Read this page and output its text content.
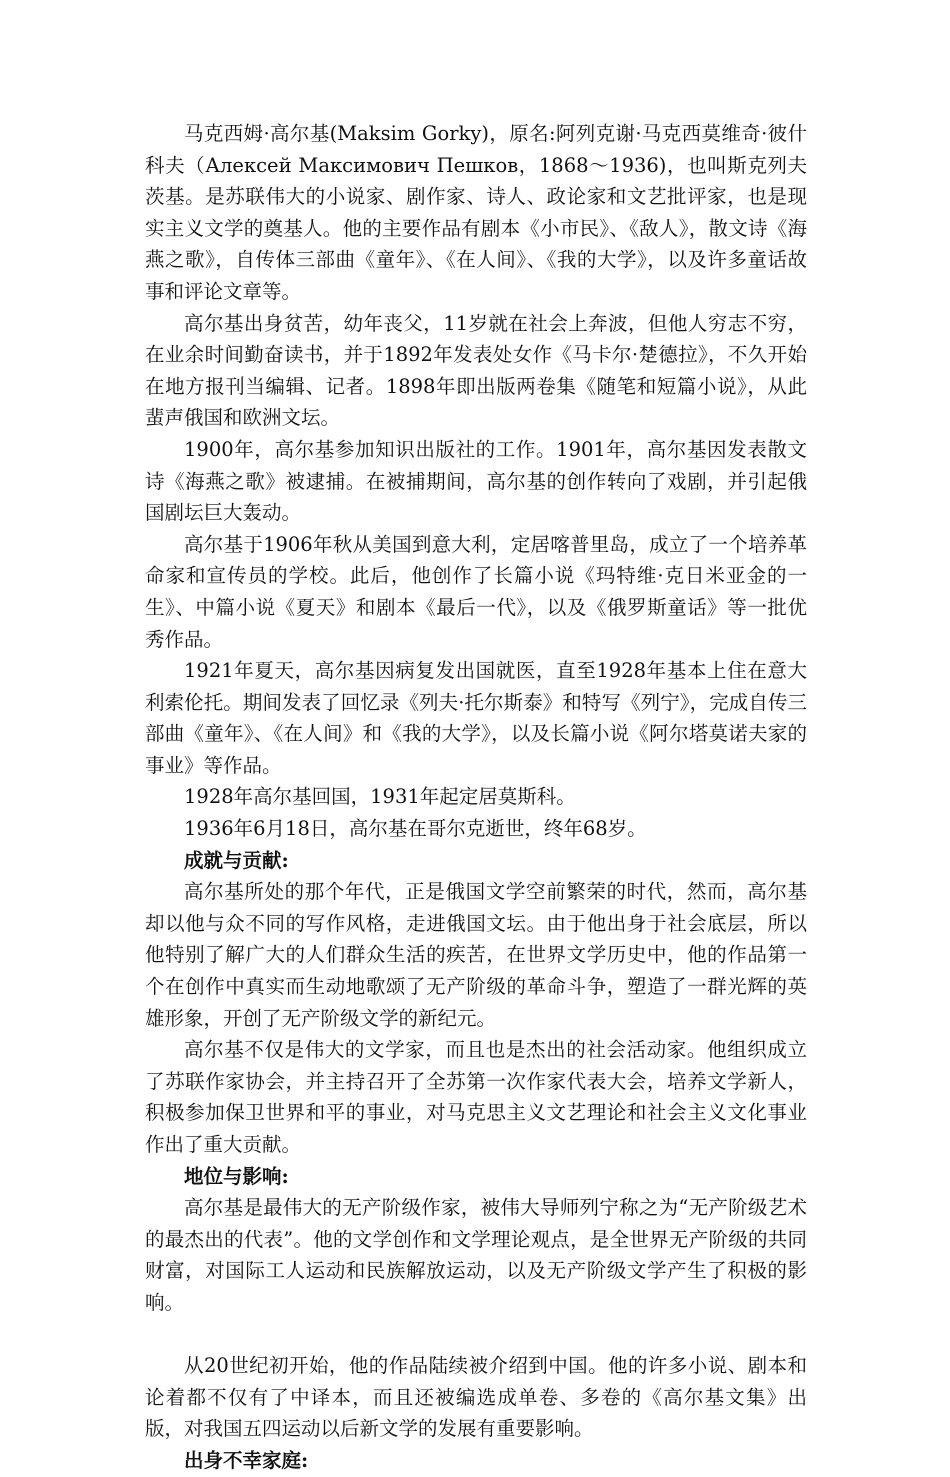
马克西姆·高尔基(Maksim Gorky)，原名:阿列克谢·马克西莫维奇·彼什科夫（Алексей Максимович Пешков，1868～1936)，也叫斯克列夫茨基。是苏联伟大的小说家、剧作家、诗人、政论家和文艺批评家，也是现实主义文学的奠基人。他的主要作品有剧本《小市民》、《敌人》，散文诗《海燕之歌》，自传体三部曲《童年》、《在人间》、《我的大学》，以及许多童话故事和评论文章等。

高尔基出身贫苦，幼年丧父，11岁就在社会上奔波，但他人穷志不穷，在业余时间勤奋读书，并于1892年发表处女作《马卡尔·楚德拉》，不久开始在地方报刊当编辑、记者。1898年即出版两卷集《随笔和短篇小说》，从此蜚声俄国和欧洲文坛。

1900年，高尔基参加知识出版社的工作。1901年，高尔基因发表散文诗《海燕之歌》被逮捕。在被捕期间，高尔基的创作转向了戏剧，并引起俄国剧坛巨大轰动。

高尔基于1906年秋从美国到意大利，定居喀普里岛，成立了一个培养革命家和宣传员的学校。此后，他创作了长篇小说《玛特维·克日米亚金的一生》、中篇小说《夏天》和剧本《最后一代》，以及《俄罗斯童话》等一批优秀作品。

1921年夏天，高尔基因病复发出国就医，直至1928年基本上住在意大利索伦托。期间发表了回忆录《列夫·托尔斯泰》和特写《列宁》，完成自传三部曲《童年》、《在人间》和《我的大学》，以及长篇小说《阿尔塔莫诺夫家的事业》等作品。

1928年高尔基回国，1931年起定居莫斯科。

1936年6月18日，高尔基在哥尔克逝世，终年68岁。

成就与贡献:

高尔基所处的那个年代，正是俄国文学空前繁荣的时代，然而，高尔基却以他与众不同的写作风格，走进俄国文坛。由于他出身于社会底层，所以他特别了解广大的人们群众生活的疾苦，在世界文学历史中，他的作品第一个在创作中真实而生动地歌颂了无产阶级的革命斗争，塑造了一群光辉的英雄形象，开创了无产阶级文学的新纪元。

高尔基不仅是伟大的文学家，而且也是杰出的社会活动家。他组织成立了苏联作家协会，并主持召开了全苏第一次作家代表大会，培养文学新人，积极参加保卫世界和平的事业，对马克思主义文艺理论和社会主义文化事业作出了重大贡献。

地位与影响:

高尔基是最伟大的无产阶级作家，被伟大导师列宁称之为“无产阶级艺术的最杰出的代表”。他的文学创作和文学理论观点，是全世界无产阶级的共同财富，对国际工人运动和民族解放运动，以及无产阶级文学产生了积极的影响。

从20世纪初开始，他的作品陆续被介绍到中国。他的许多小说、剧本和论着都不仅有了中译本，而且还被编选成单卷、多卷的《高尔基文集》出版，对我国五四运动以后新文学的发展有重要影响。

出身不幸家庭:
